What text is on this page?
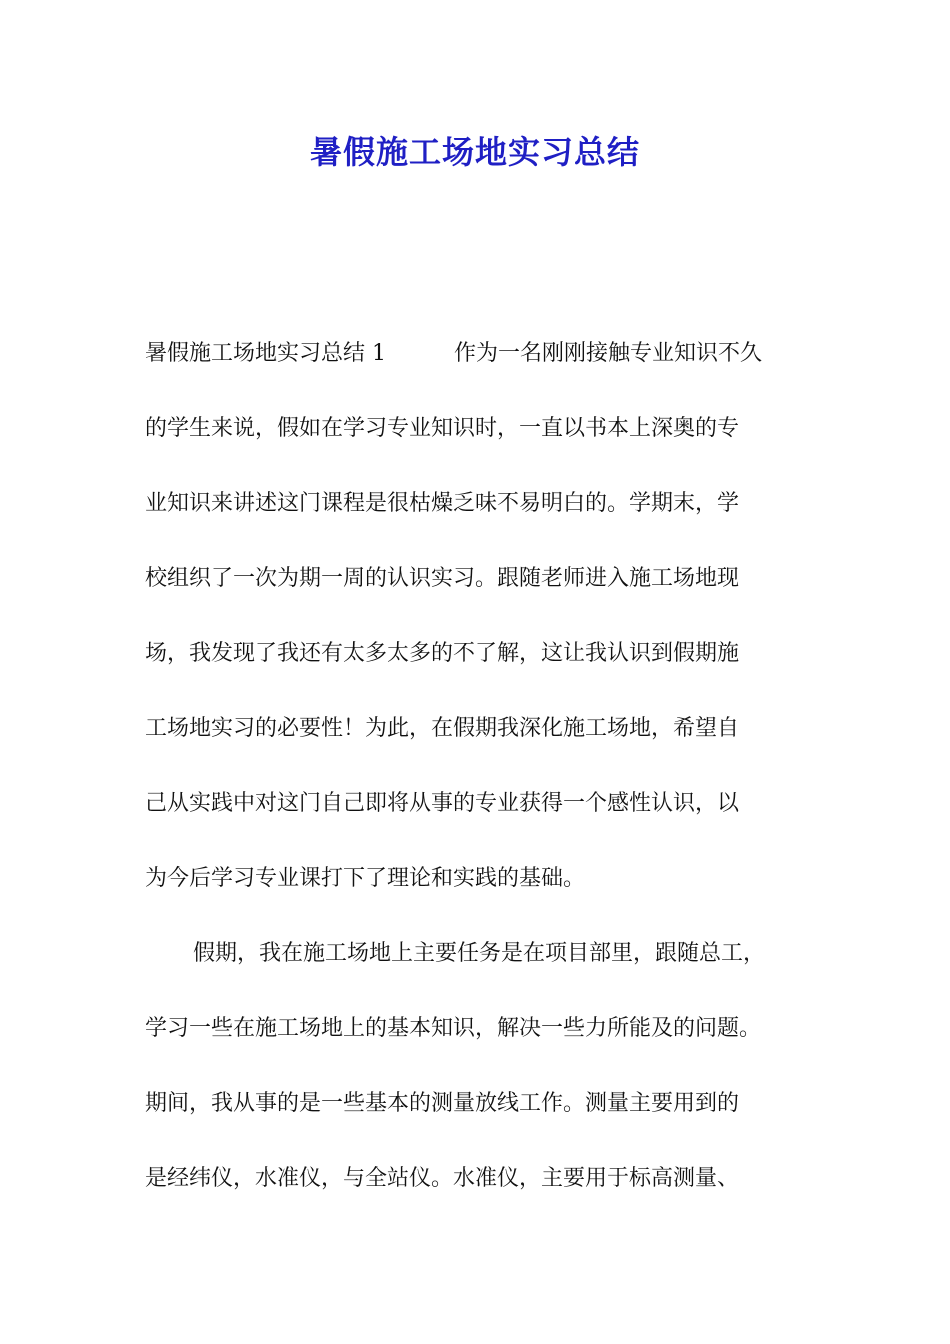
暑假施工场地实习总结
暑假施工场地实习总结 1	作为一名刚刚接触专业知识不久
的学生来说，假如在学习专业知识时，一直以书本上深奥的专
业知识来讲述这门课程是很枯燥乏味不易明白的。学期末，学
校组织了一次为期一周的认识实习。跟随老师进入施工场地现
场，我发现了我还有太多太多的不了解，这让我认识到假期施
工场地实习的必要性！为此，在假期我深化施工场地，希望自
己从实践中对这门自己即将从事的专业获得一个感性认识，以
为今后学习专业课打下了理论和实践的基础。
假期，我在施工场地上主要任务是在项目部里，跟随总工，
学习一些在施工场地上的基本知识，解决一些力所能及的问题。
期间，我从事的是一些基本的测量放线工作。测量主要用到的
是经纬仪，水准仪，与全站仪。水准仪，主要用于标高测量、
